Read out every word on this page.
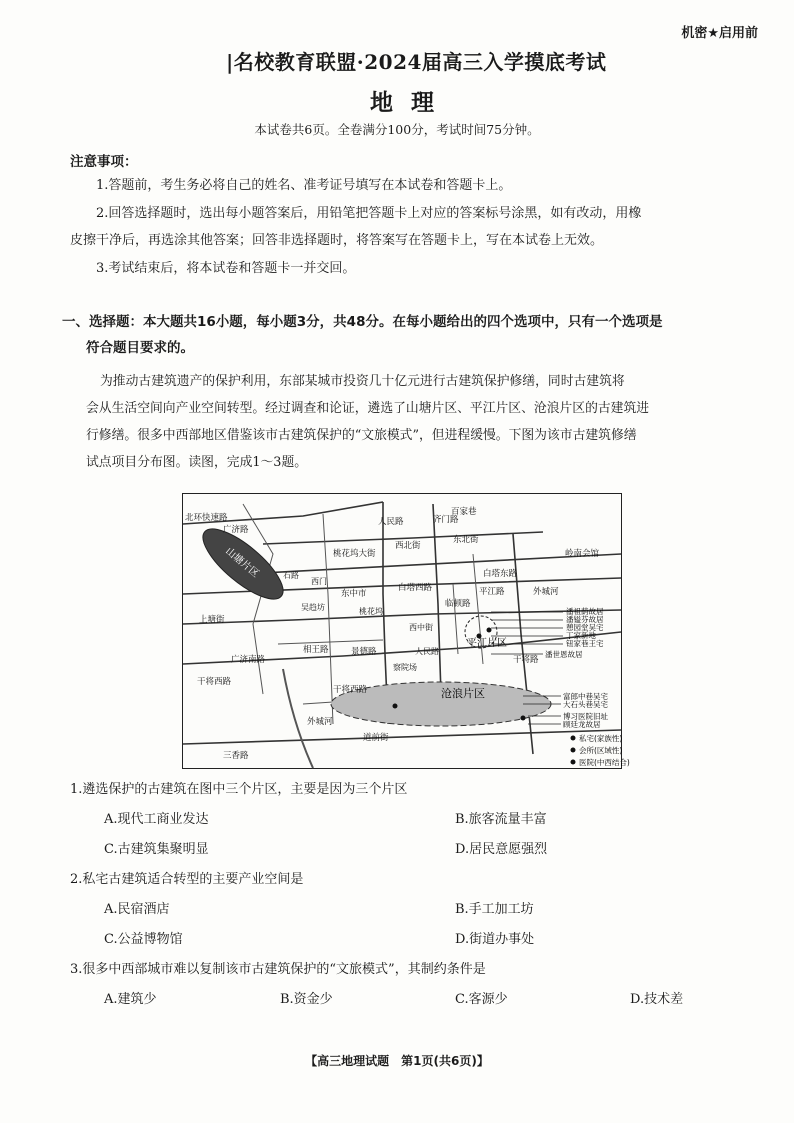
机密★启用前
|名校教育联盟·2024届高三入学摸底考试
地理
本试卷共6页。全卷满分100分，考试时间75分钟。
注意事项：
1.答题前，考生务必将自己的姓名、准考证号填写在本试卷和答题卡上。
2.回答选择题时，选出每小题答案后，用铅笔把答题卡上对应的答案标号涂黑，如有改动，用橡
皮擦干净后，再选涂其他答案；回答非选择题时，将答案写在答题卡上，写在本试卷上无效。
3.考试结束后，将本试卷和答题卡一并交回。
一、选择题：本大题共16小题，每小题3分，共48分。在每小题给出的四个选项中，只有一个选项是
符合题目要求的。
为推动古建筑遗产的保护利用，东部某城市投资几十亿元进行古建筑保护修缮，同时古建筑将
会从生活空间向产业空间转型。经过调查和论证，遴选了山塘片区、平江片区、沧浪片区的古建筑进
行修缮。很多中西部地区借鉴该市古建筑保护的“文旅模式”，但进程缓慢。下图为该市古建筑修缮
试点项目分布图。读图，完成1～3题。
山塘片区
平江片区
沧浪片区
北环快速路
广济路
人民路
百家巷
齐门路
东北街
西北街
桃花坞大街
白塔东路
白塔西路
东中市
上塘街
广济南路
景德路
相王路
临顿路
平江路	外城河
干将西路
干将西路
干将路
道前街
三香路
岭南会馆
外城河
潘祖荫故居
潘镒芬故居
憩园堂吴宅
丁家新地
钮家巷王宅
潘世恩故居
富郎中巷吴宅
大石头巷吴宅
博习医院旧址
顾廷龙故居
私宅(家族性)
会所(区域性)
医院(中西结合)
西门
石路
西中街
吴趋坊
人民路
桃花坞
察院场
1.遴选保护的古建筑在图中三个片区，主要是因为三个片区
A.现代工商业发达	B.旅客流量丰富
C.古建筑集聚明显	D.居民意愿强烈
2.私宅古建筑适合转型的主要产业空间是
A.民宿酒店	B.手工加工坊
C.公益博物馆	D.街道办事处
3.很多中西部城市难以复制该市古建筑保护的“文旅模式”，其制约条件是
A.建筑少	B.资金少	C.客源少	D.技术差
【高三地理试题　第1页(共6页)】
